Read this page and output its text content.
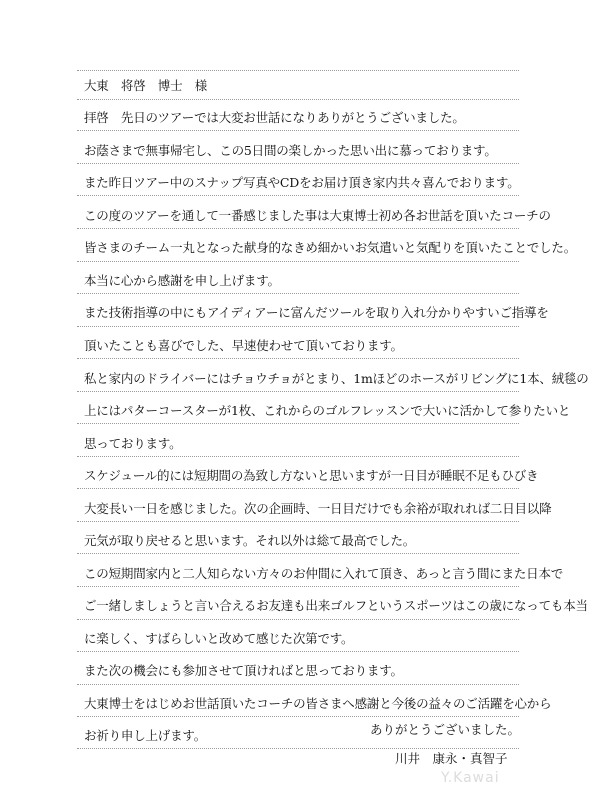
大東　将啓　博士　様
拝啓　先日のツアーでは大変お世話になりありがとうございました。
お蔭さまで無事帰宅し、この5日間の楽しかった思い出に慕っております。
また昨日ツアー中のスナップ写真やCDをお届け頂き家内共々喜んでおります。
この度のツアーを通して一番感じました事は大東博士初め各お世話を頂いたコーチの
皆さまのチーム一丸となった献身的なきめ細かいお気遣いと気配りを頂いたことでした。
本当に心から感謝を申し上げます。
また技術指導の中にもアイディアーに富んだツールを取り入れ分かりやすいご指導を
頂いたことも喜びでした、早速使わせて頂いております。
私と家内のドライバーにはチョウチョがとまり、1mほどのホースがリビングに1本、絨毯の
上にはパターコースターが1枚、これからのゴルフレッスンで大いに活かして参りたいと
思っております。
スケジュール的には短期間の為致し方ないと思いますが一日目が睡眠不足もひびき
大変長い一日を感じました。次の企画時、一日目だけでも余裕が取れれば二日目以降
元気が取り戻せると思います。それ以外は総て最高でした。
この短期間家内と二人知らない方々のお仲間に入れて頂き、あっと言う間にまた日本で
ご一緒しましょうと言い合えるお友達も出来ゴルフというスポーツはこの歳になっても本当
に楽しく、すばらしいと改めて感じた次第です。
また次の機会にも参加させて頂ければと思っております。
大東博士をはじめお世話頂いたコーチの皆さまへ感謝と今後の益々のご活躍を心から
お祈り申し上げます。	ありがとうございました。
川井　康永・真智子
Y.Kawai
